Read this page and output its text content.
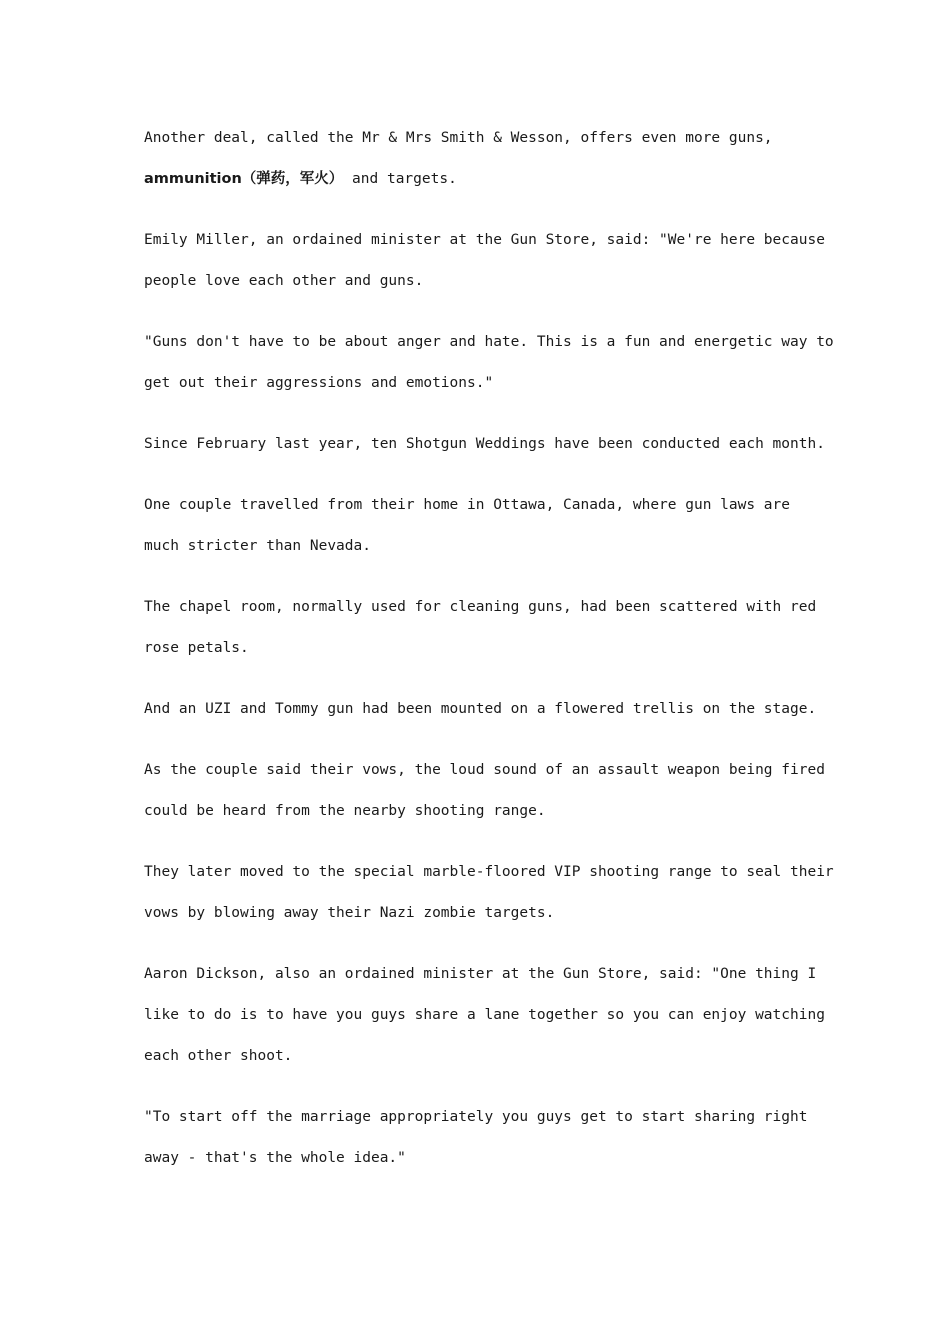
Another deal, called the Mr & Mrs Smith & Wesson, offers even more guns,
ammunition（弹药，军火） and targets.

Emily Miller, an ordained minister at the Gun Store, said: "We're here because
people love each other and guns.

"Guns don't have to be about anger and hate. This is a fun and energetic way to
get out their aggressions and emotions."

Since February last year, ten Shotgun Weddings have been conducted each month.

One couple travelled from their home in Ottawa, Canada, where gun laws are
much stricter than Nevada.

The chapel room, normally used for cleaning guns, had been scattered with red
rose petals.

And an UZI and Tommy gun had been mounted on a flowered trellis on the stage.

As the couple said their vows, the loud sound of an assault weapon being fired
could be heard from the nearby shooting range.

They later moved to the special marble-floored VIP shooting range to seal their
vows by blowing away their Nazi zombie targets.

Aaron Dickson, also an ordained minister at the Gun Store, said: "One thing I
like to do is to have you guys share a lane together so you can enjoy watching
each other shoot.

"To start off the marriage appropriately you guys get to start sharing right
away - that's the whole idea."
